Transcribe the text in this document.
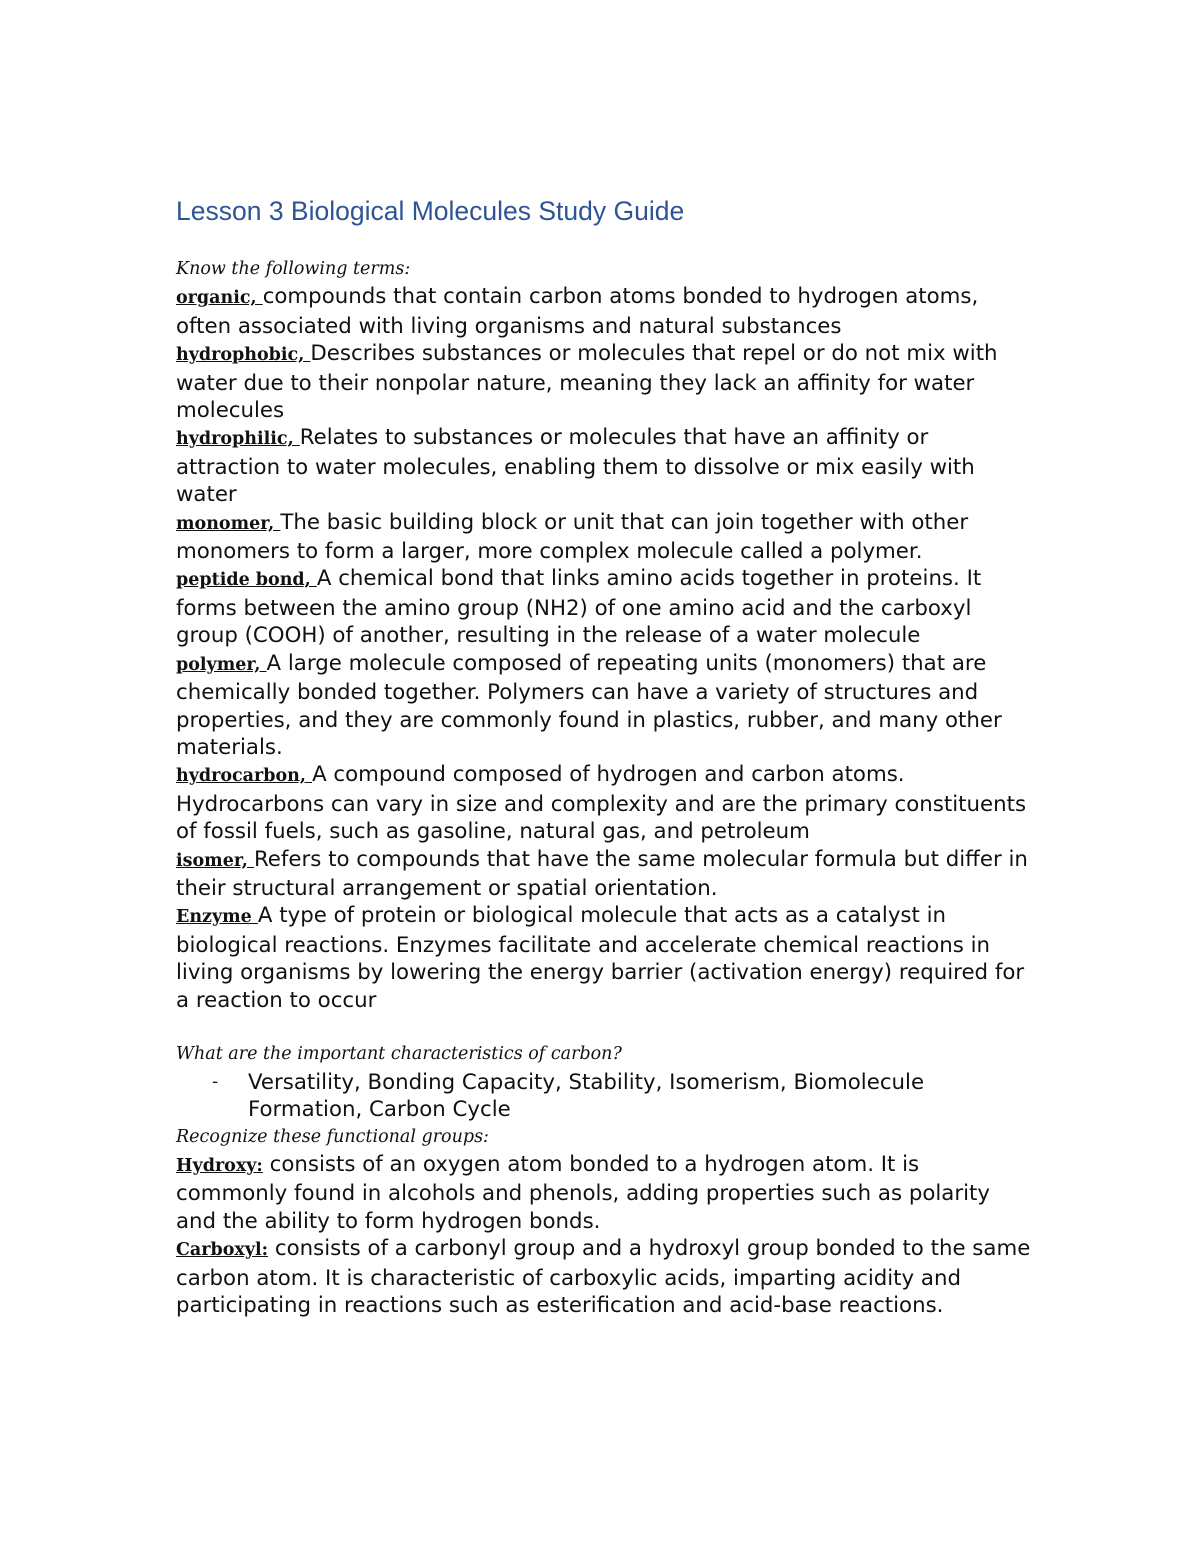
Lesson 3 Biological Molecules Study Guide
Know the following terms:

organic, compounds that contain carbon atoms bonded to hydrogen atoms, often associated with living organisms and natural substances

hydrophobic, Describes substances or molecules that repel or do not mix with water due to their nonpolar nature, meaning they lack an affinity for water molecules

hydrophilic, Relates to substances or molecules that have an affinity or attraction to water molecules, enabling them to dissolve or mix easily with water

monomer, The basic building block or unit that can join together with other monomers to form a larger, more complex molecule called a polymer.

peptide bond, A chemical bond that links amino acids together in proteins. It forms between the amino group (NH2) of one amino acid and the carboxyl group (COOH) of another, resulting in the release of a water molecule

polymer, A large molecule composed of repeating units (monomers) that are chemically bonded together. Polymers can have a variety of structures and properties, and they are commonly found in plastics, rubber, and many other materials.

hydrocarbon, A compound composed of hydrogen and carbon atoms. Hydrocarbons can vary in size and complexity and are the primary constituents of fossil fuels, such as gasoline, natural gas, and petroleum

isomer, Refers to compounds that have the same molecular formula but differ in their structural arrangement or spatial orientation.

Enzyme A type of protein or biological molecule that acts as a catalyst in biological reactions. Enzymes facilitate and accelerate chemical reactions in living organisms by lowering the energy barrier (activation energy) required for a reaction to occur

What are the important characteristics of carbon?
- Versatility, Bonding Capacity, Stability, Isomerism, Biomolecule Formation, Carbon Cycle
Recognize these functional groups:

Hydroxy: consists of an oxygen atom bonded to a hydrogen atom. It is commonly found in alcohols and phenols, adding properties such as polarity and the ability to form hydrogen bonds.

Carboxyl: consists of a carbonyl group and a hydroxyl group bonded to the same carbon atom. It is characteristic of carboxylic acids, imparting acidity and participating in reactions such as esterification and acid-base reactions.
